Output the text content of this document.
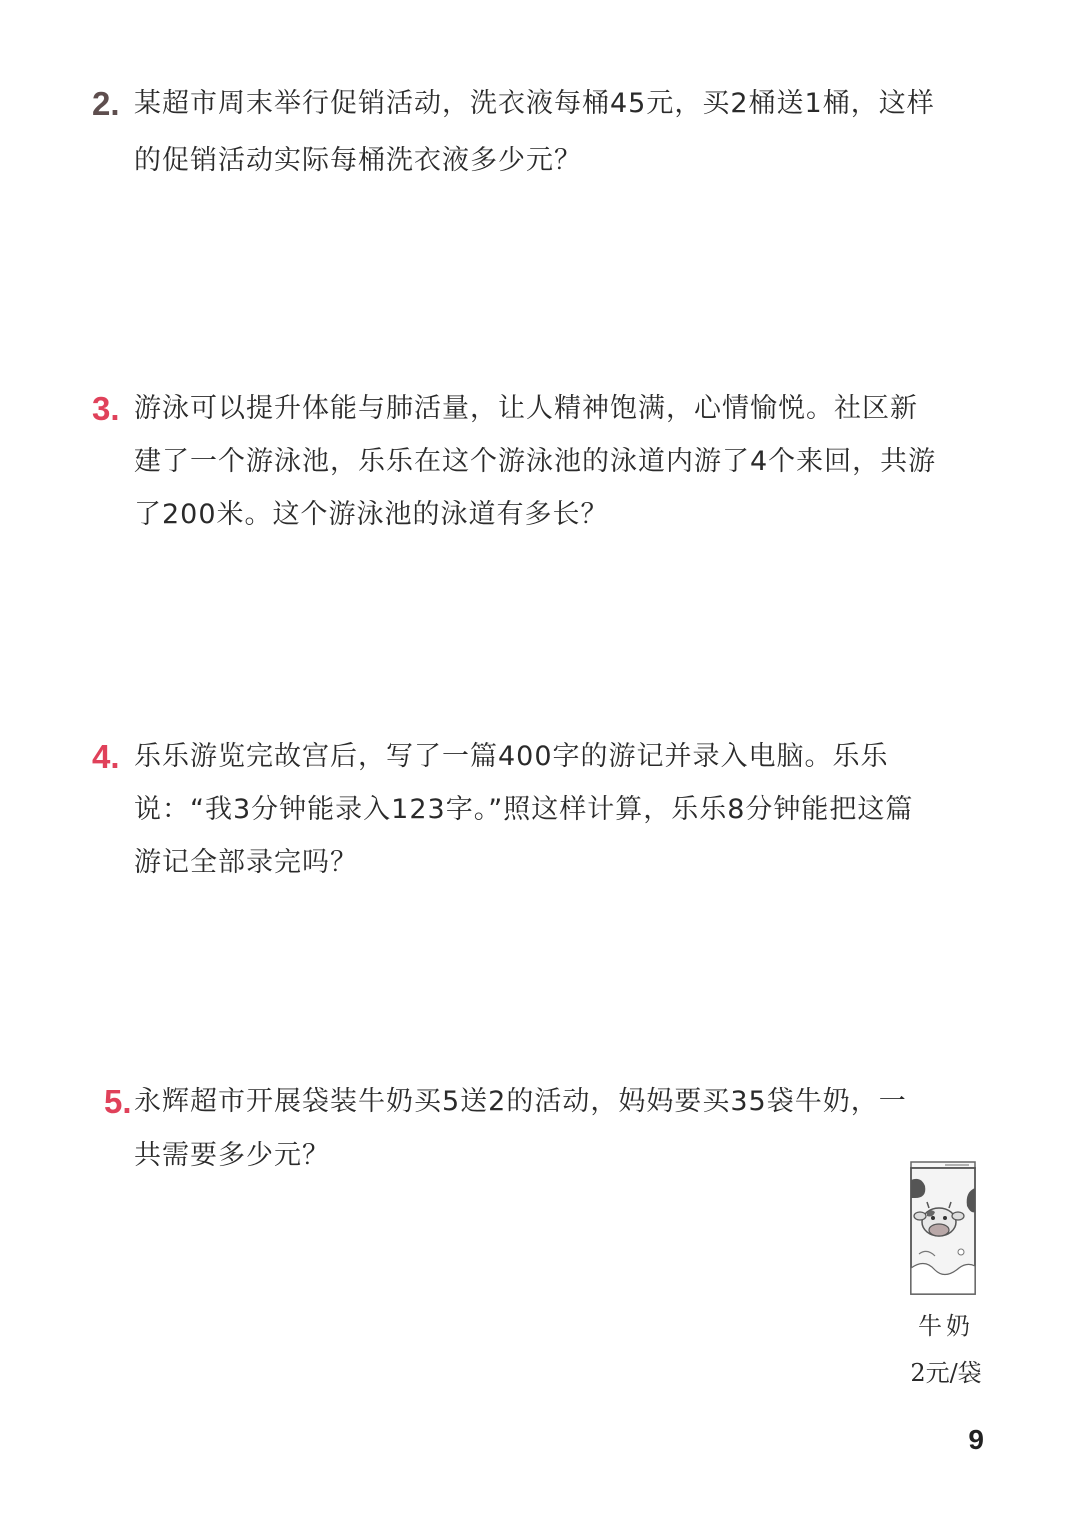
2. 某超市周末举行促销活动，洗衣液每桶45元，买2桶送1桶，这样
的促销活动实际每桶洗衣液多少元？
3. 游泳可以提升体能与肺活量，让人精神饱满，心情愉悦。社区新
建了一个游泳池，乐乐在这个游泳池的泳道内游了4个来回，共游
了200米。这个游泳池的泳道有多长？
4. 乐乐游览完故宫后，写了一篇400字的游记并录入电脑。乐乐
说：“我3分钟能录入123字。”照这样计算，乐乐8分钟能把这篇
游记全部录完吗？
5. 永辉超市开展袋装牛奶买5送2的活动，妈妈要买35袋牛奶，一
共需要多少元？
牛奶
2元/袋
9
